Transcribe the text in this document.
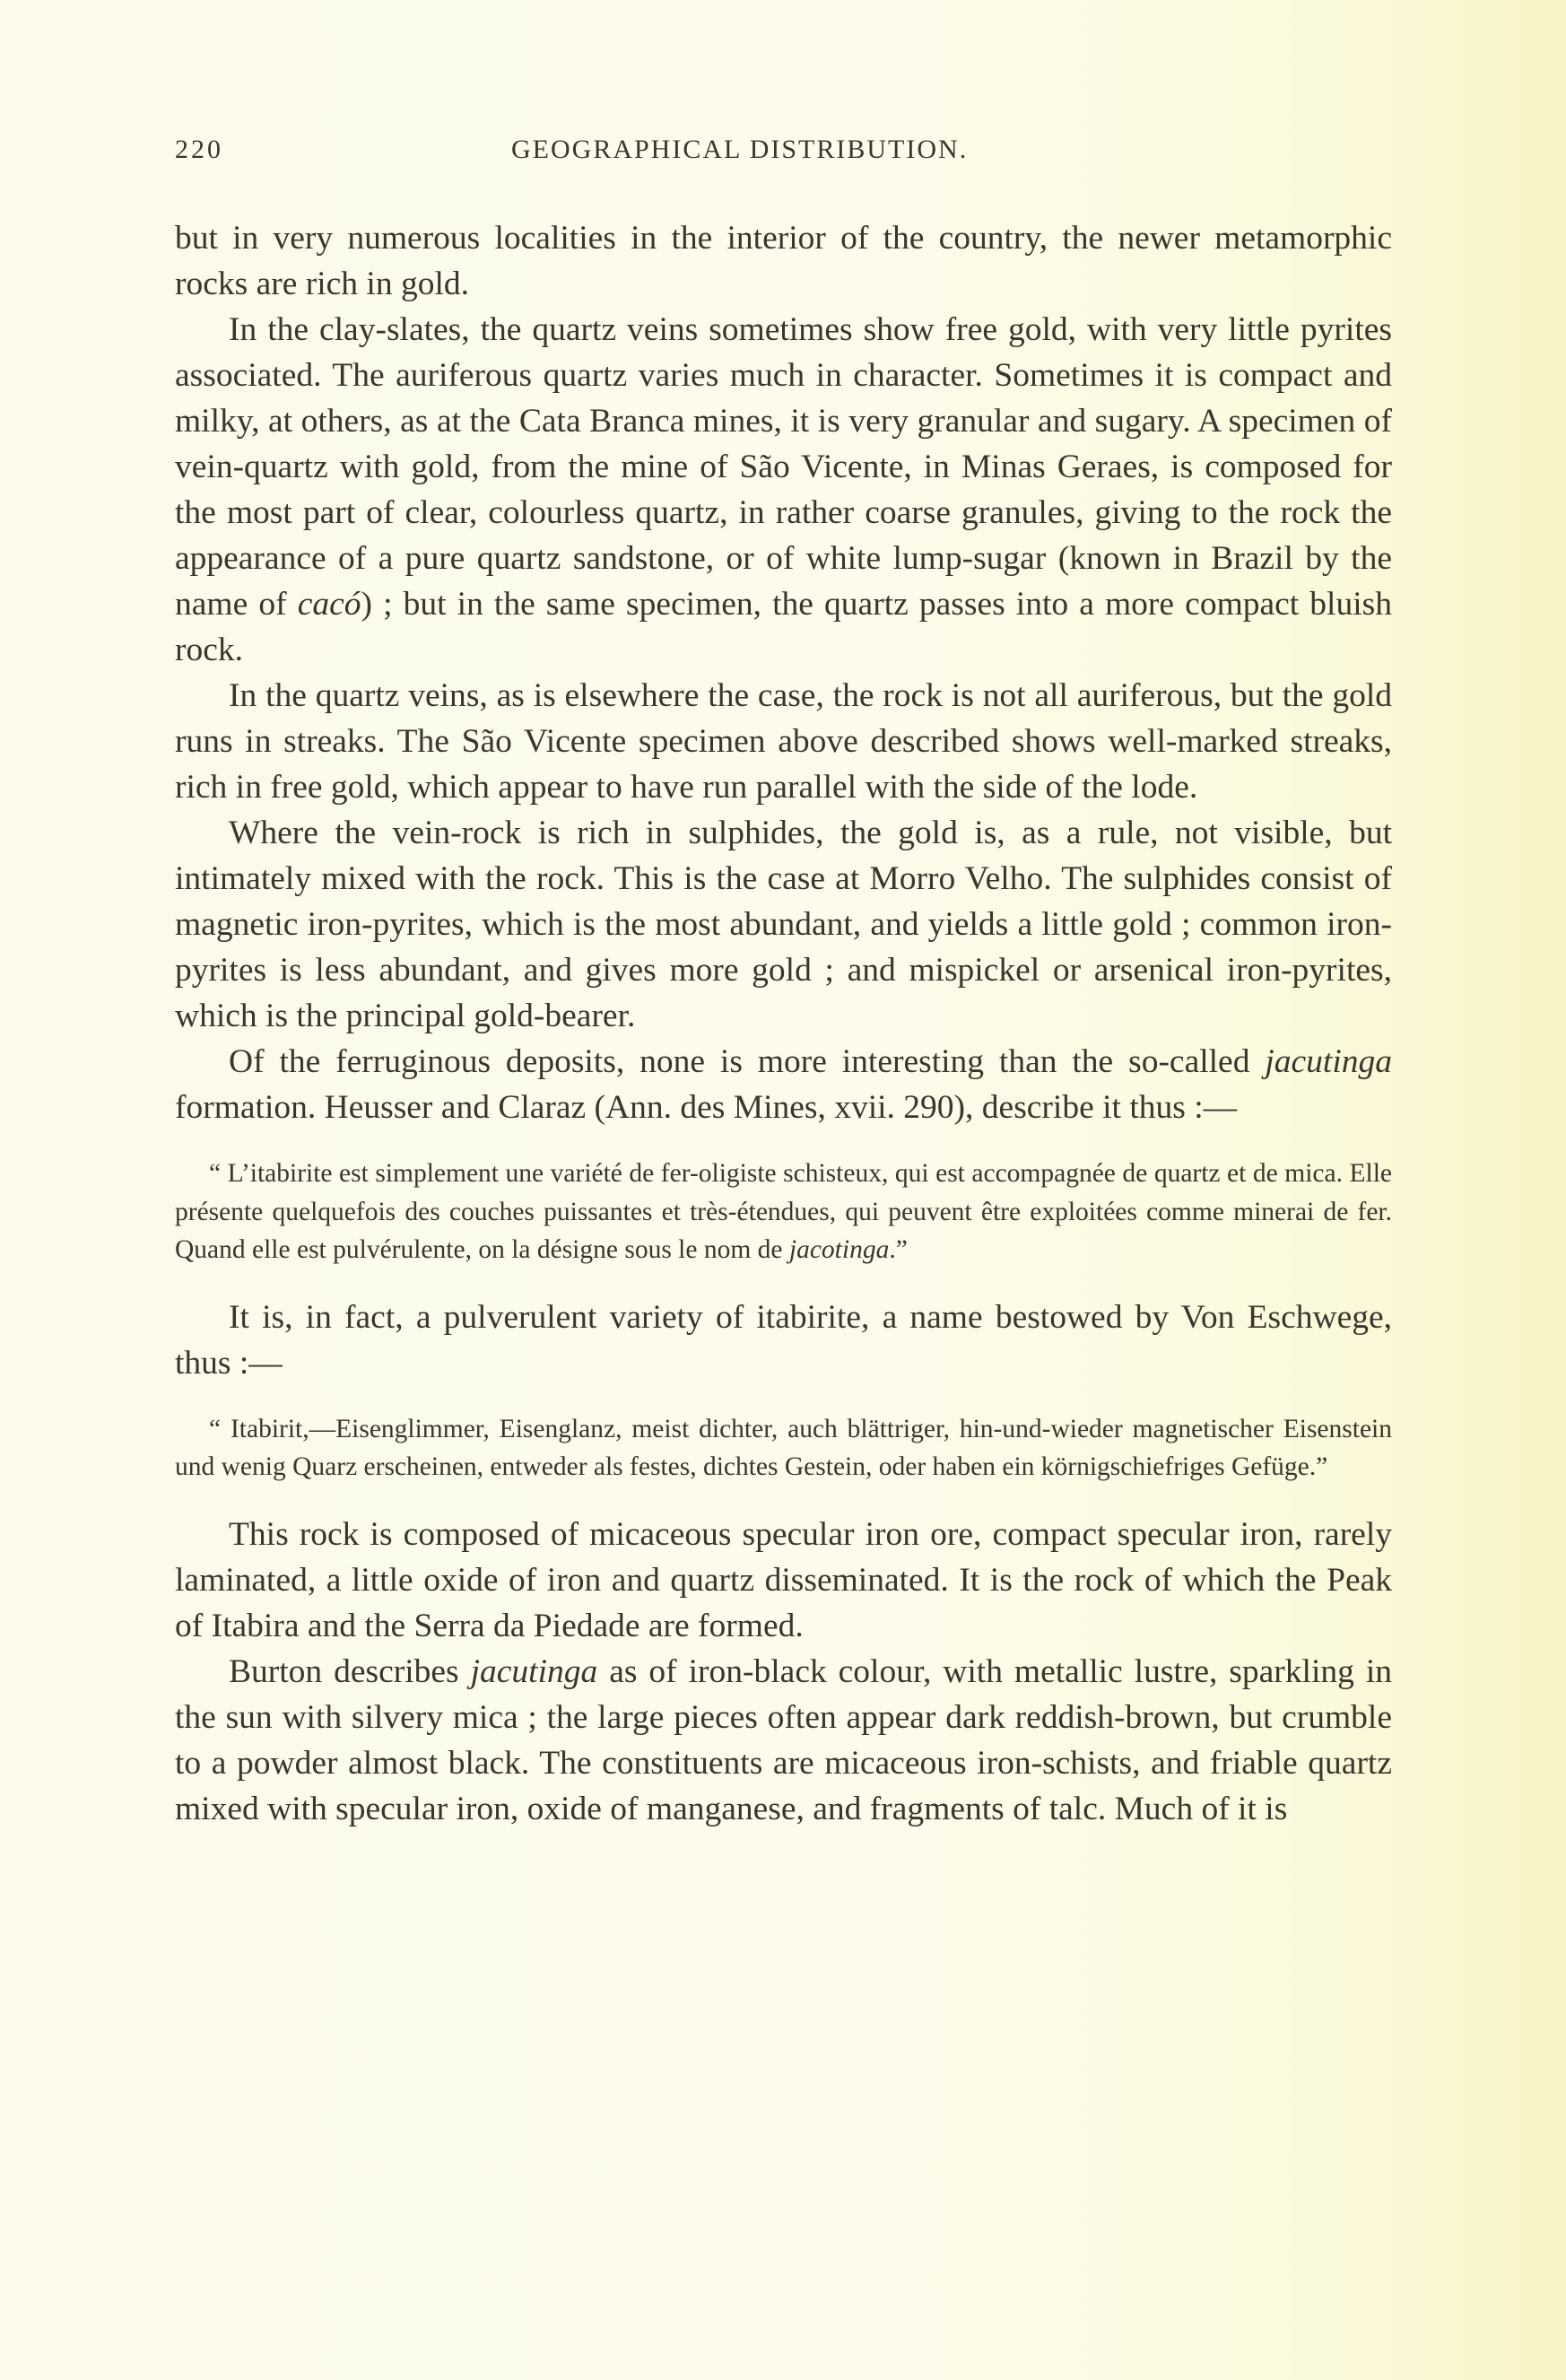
220	GEOGRAPHICAL DISTRIBUTION.

but in very numerous localities in the interior of the country, the newer metamorphic rocks are rich in gold.

In the clay-slates, the quartz veins sometimes show free gold, with very little pyrites associated. The auriferous quartz varies much in character. Sometimes it is compact and milky, at others, as at the Cata Branca mines, it is very granular and sugary. A specimen of vein-quartz with gold, from the mine of São Vicente, in Minas Geraes, is composed for the most part of clear, colourless quartz, in rather coarse granules, giving to the rock the appearance of a pure quartz sandstone, or of white lump-sugar (known in Brazil by the name of cacó) ; but in the same specimen, the quartz passes into a more compact bluish rock.

In the quartz veins, as is elsewhere the case, the rock is not all auriferous, but the gold runs in streaks. The São Vicente specimen above described shows well-marked streaks, rich in free gold, which appear to have run parallel with the side of the lode.

Where the vein-rock is rich in sulphides, the gold is, as a rule, not visible, but intimately mixed with the rock. This is the case at Morro Velho. The sulphides consist of magnetic iron-pyrites, which is the most abundant, and yields a little gold ; common iron-pyrites is less abundant, and gives more gold ; and mispickel or arsenical iron-pyrites, which is the principal gold-bearer.

Of the ferruginous deposits, none is more interesting than the so-called jacutinga formation. Heusser and Claraz (Ann. des Mines, xvii. 290), describe it thus :—

“ L’itabirite est simplement une variété de fer-oligiste schisteux, qui est accompagnée de quartz et de mica. Elle présente quelquefois des couches puissantes et très-étendues, qui peuvent être exploitées comme minerai de fer. Quand elle est pulvérulente, on la désigne sous le nom de jacotinga.”

It is, in fact, a pulverulent variety of itabirite, a name bestowed by Von Eschwege, thus :—

“ Itabirit,—Eisenglimmer, Eisenglanz, meist dichter, auch blättriger, hin-und-wieder magnetischer Eisenstein und wenig Quarz erscheinen, entweder als festes, dichtes Gestein, oder haben ein körnigschiefriges Gefüge.”

This rock is composed of micaceous specular iron ore, compact specular iron, rarely laminated, a little oxide of iron and quartz disseminated. It is the rock of which the Peak of Itabira and the Serra da Piedade are formed.

Burton describes jacutinga as of iron-black colour, with metallic lustre, sparkling in the sun with silvery mica ; the large pieces often appear dark reddish-brown, but crumble to a powder almost black. The constituents are micaceous iron-schists, and friable quartz mixed with specular iron, oxide of manganese, and fragments of talc. Much of it is
